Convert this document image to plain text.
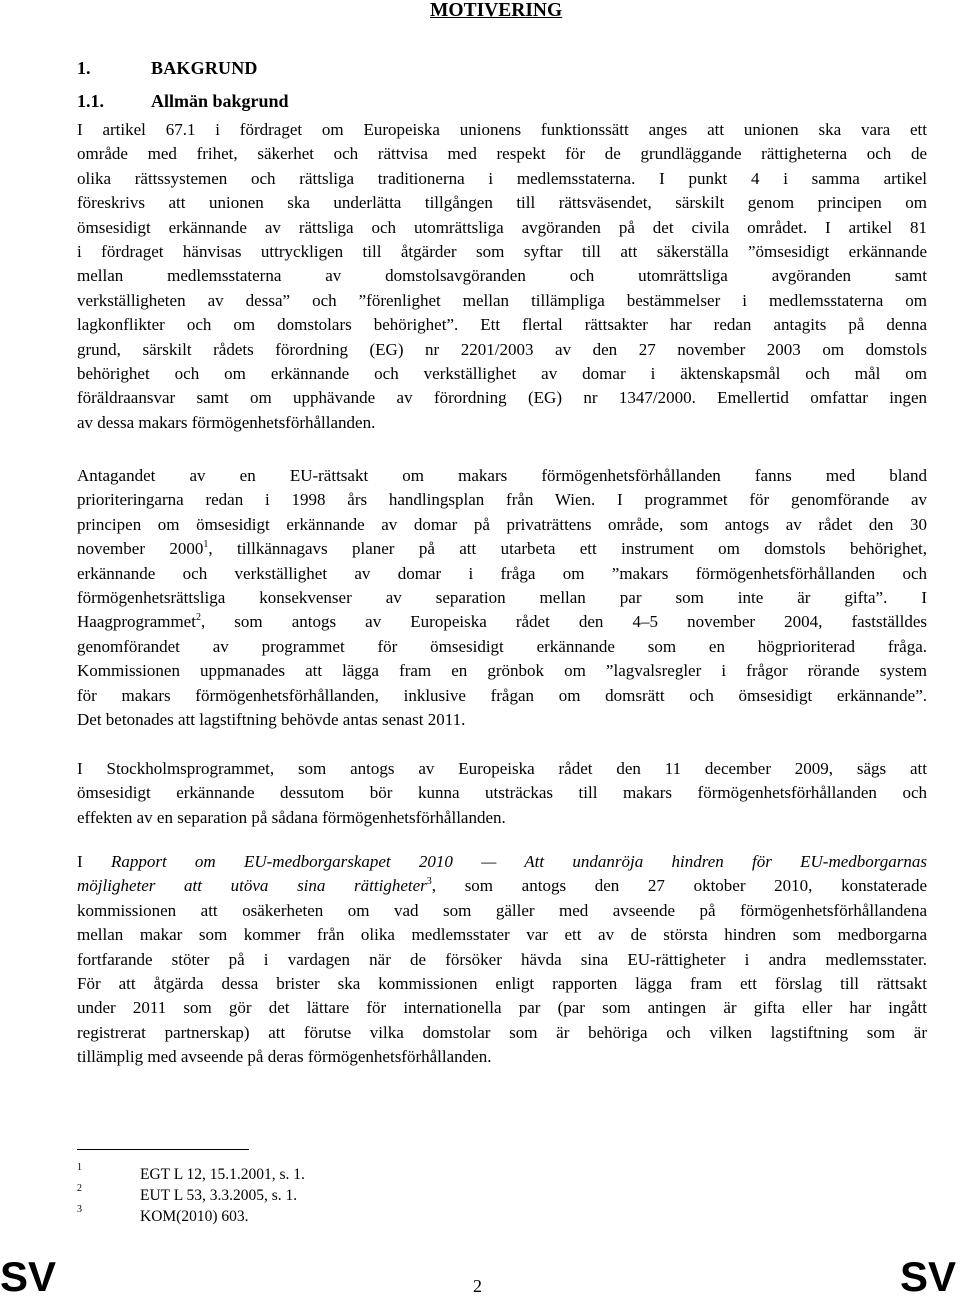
MOTIVERING
1.	BAKGRUND
1.1.	Allmän bakgrund
I artikel 67.1 i fördraget om Europeiska unionens funktionssätt anges att unionen ska vara ett
område med frihet, säkerhet och rättvisa med respekt för de grundläggande rättigheterna och de
olika rättssystemen och rättsliga traditionerna i medlemsstaterna. I punkt 4 i samma artikel
föreskrivs att unionen ska underlätta tillgången till rättsväsendet, särskilt genom principen om
ömsesidigt erkännande av rättsliga och utomrättsliga avgöranden på det civila området. I artikel 81
i fördraget hänvisas uttryckligen till åtgärder som syftar till att säkerställa ”ömsesidigt erkännande
mellan medlemsstaterna av domstolsavgöranden och utomrättsliga avgöranden samt
verkställigheten av dessa” och ”förenlighet mellan tillämpliga bestämmelser i medlemsstaterna om
lagkonflikter och om domstolars behörighet”. Ett flertal rättsakter har redan antagits på denna
grund, särskilt rådets förordning (EG) nr 2201/2003 av den 27 november 2003 om domstols
behörighet och om erkännande och verkställighet av domar i äktenskapsmål och mål om
föräldraansvar samt om upphävande av förordning (EG) nr 1347/2000. Emellertid omfattar ingen
av dessa makars förmögenhetsförhållanden.
Antagandet av en EU-rättsakt om makars förmögenhetsförhållanden fanns med bland
prioriteringarna redan i 1998 års handlingsplan från Wien. I programmet för genomförande av
principen om ömsesidigt erkännande av domar på privaträttens område, som antogs av rådet den 30
november 2000$^1$, tillkännagavs planer på att utarbeta ett instrument om domstols behörighet,
erkännande och verkställighet av domar i fråga om ”makars förmögenhetsförhållanden och
förmögenhetsrättsliga konsekvenser av separation mellan par som inte är gifta”. I
Haagprogrammet$^2$, som antogs av Europeiska rådet den 4–5 november 2004, fastställdes
genomförandet av programmet för ömsesidigt erkännande som en högprioriterad fråga.
Kommissionen uppmanades att lägga fram en grönbok om ”lagvalsregler i frågor rörande system
för makars förmögenhetsförhållanden, inklusive frågan om domsrätt och ömsesidigt erkännande”.
Det betonades att lagstiftning behövde antas senast 2011.
I Stockholmsprogrammet, som antogs av Europeiska rådet den 11 december 2009, sägs att
ömsesidigt erkännande dessutom bör kunna utsträckas till makars förmögenhetsförhållanden och
effekten av en separation på sådana förmögenhetsförhållanden.
I Rapport om EU-medborgarskapet 2010 — Att undanröja hindren för EU-medborgarnas
möjligheter att utöva sina rättigheter$^3$, som antogs den 27 oktober 2010, konstaterade
kommissionen att osäkerheten om vad som gäller med avseende på förmögenhetsförhållandena
mellan makar som kommer från olika medlemsstater var ett av de största hindren som medborgarna
fortfarande stöter på i vardagen när de försöker hävda sina EU-rättigheter i andra medlemsstater.
För att åtgärda dessa brister ska kommissionen enligt rapporten lägga fram ett förslag till rättsakt
under 2011 som gör det lättare för internationella par (par som antingen är gifta eller har ingått
registrerat partnerskap) att förutse vilka domstolar som är behöriga och vilken lagstiftning som är
tillämplig med avseende på deras förmögenhetsförhållanden.
1	EGT L 12, 15.1.2001, s. 1.
2	EUT L 53, 3.3.2005, s. 1.
3	KOM(2010) 603.
SV	2	SV
